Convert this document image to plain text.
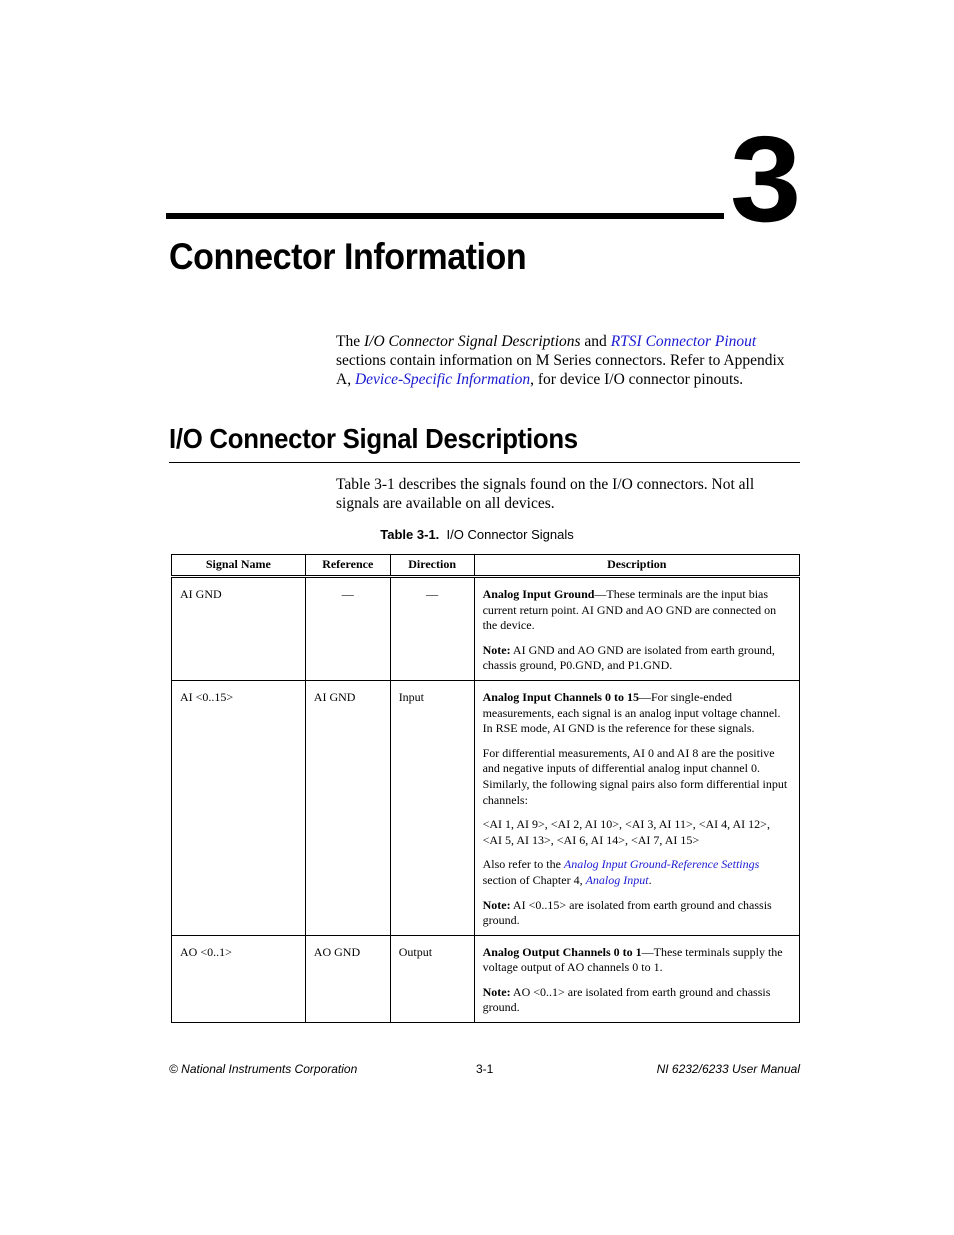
3
Connector Information

The I/O Connector Signal Descriptions and RTSI Connector Pinout sections contain information on M Series connectors. Refer to Appendix A, Device-Specific Information, for device I/O connector pinouts.

I/O Connector Signal Descriptions

Table 3-1 describes the signals found on the I/O connectors. Not all signals are available on all devices.

Table 3-1. I/O Connector Signals
Signal Name	Reference	Direction	Description
AI GND	—	—	Analog Input Ground—These terminals are the input bias current return point. AI GND and AO GND are connected on the device.

Note: AI GND and AO GND are isolated from earth ground, chassis ground, P0.GND, and P1.GND.

AI <0..15>	AI GND	Input	Analog Input Channels 0 to 15—For single-ended measurements, each signal is an analog input voltage channel. In RSE mode, AI GND is the reference for these signals.

For differential measurements, AI 0 and AI 8 are the positive and negative inputs of differential analog input channel 0. Similarly, the following signal pairs also form differential input channels:

<AI 1, AI 9>, <AI 2, AI 10>, <AI 3, AI 11>, <AI 4, AI 12>, <AI 5, AI 13>, <AI 6, AI 14>, <AI 7, AI 15>

Also refer to the Analog Input Ground-Reference Settings section of Chapter 4, Analog Input.

Note: AI <0..15> are isolated from earth ground and chassis ground.

AO <0..1>	AO GND	Output	Analog Output Channels 0 to 1—These terminals supply the voltage output of AO channels 0 to 1.

Note: AO <0..1> are isolated from earth ground and chassis ground.

© National Instruments Corporation	3-1	NI 6232/6233 User Manual
